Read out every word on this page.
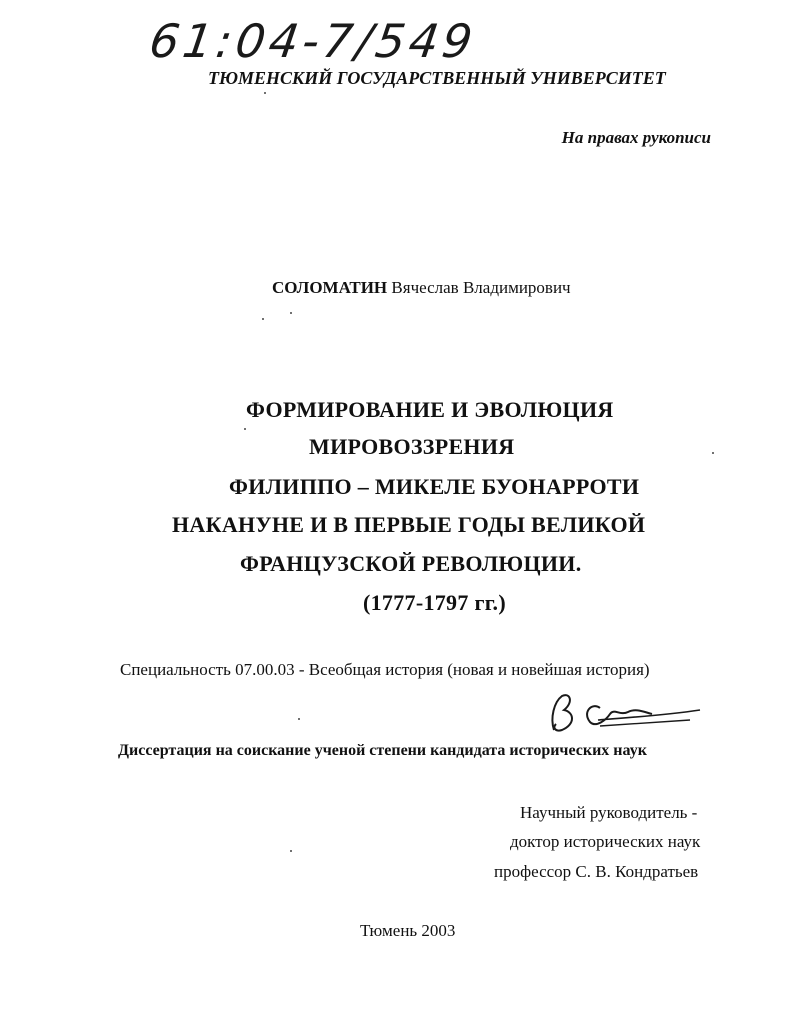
61:04-7/549
ТЮМЕНСКИЙ ГОСУДАРСТВЕННЫЙ УНИВЕРСИТЕТ
На правах рукописи
СОЛОМАТИН Вячеслав Владимирович
ФОРМИРОВАНИЕ И ЭВОЛЮЦИЯ
МИРОВОЗЗРЕНИЯ
ФИЛИППО – МИКЕЛЕ БУОНАРРОТИ
НАКАНУНЕ И В ПЕРВЫЕ ГОДЫ ВЕЛИКОЙ
ФРАНЦУЗСКОЙ РЕВОЛЮЦИИ.
(1777-1797 гг.)
Специальность 07.00.03 - Всеобщая история (новая и новейшая история)
Диссертация на соискание ученой степени кандидата исторических наук
Научный руководитель -
доктор исторических наук
профессор С. В. Кондратьев
Тюмень 2003
